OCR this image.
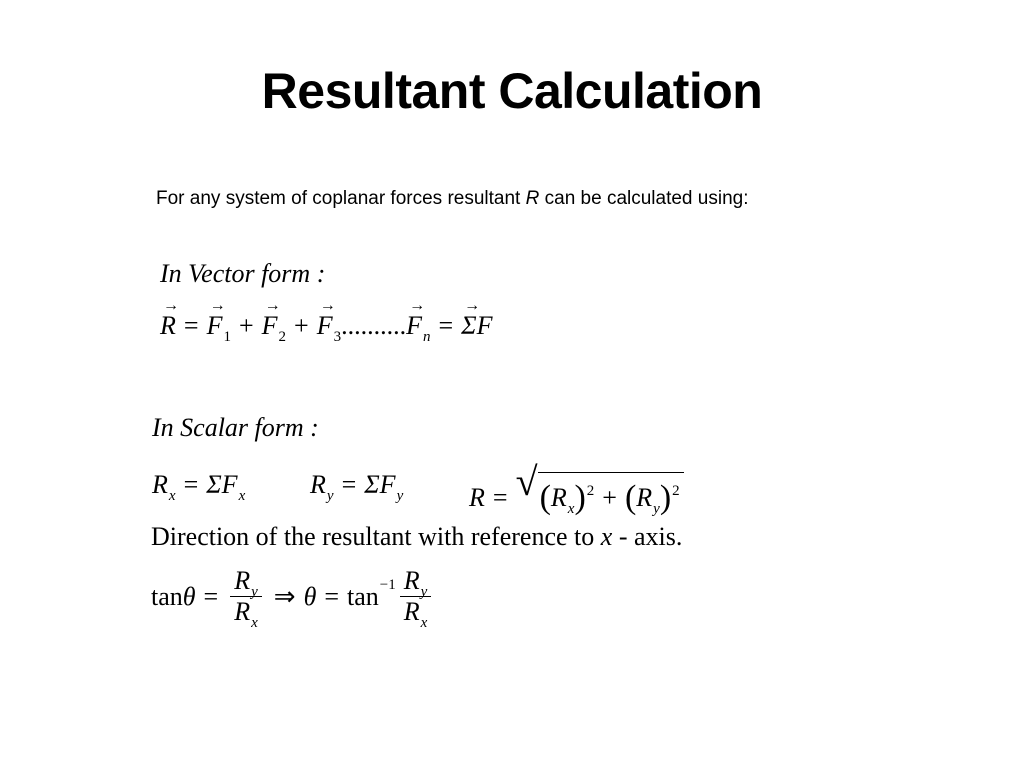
Resultant Calculation
For any system of coplanar forces resultant R can be calculated using:
In Vector form :
→ $R =\to F_1 +\to F_2 +\to F_3..........\to F_n =\to \Sigma F$
In Scalar form :
$R_x = \Sigma F_x$ $R_y = \Sigma F_y$	R = √ $(R_x)^2 + (R_y)^2$
Direction of the resultant with reference to x - axis.
$\tan \theta = \frac{R_y}{R_x}$ ⇒ $\theta = \tan -1 \frac{R_y}{R_x}$
